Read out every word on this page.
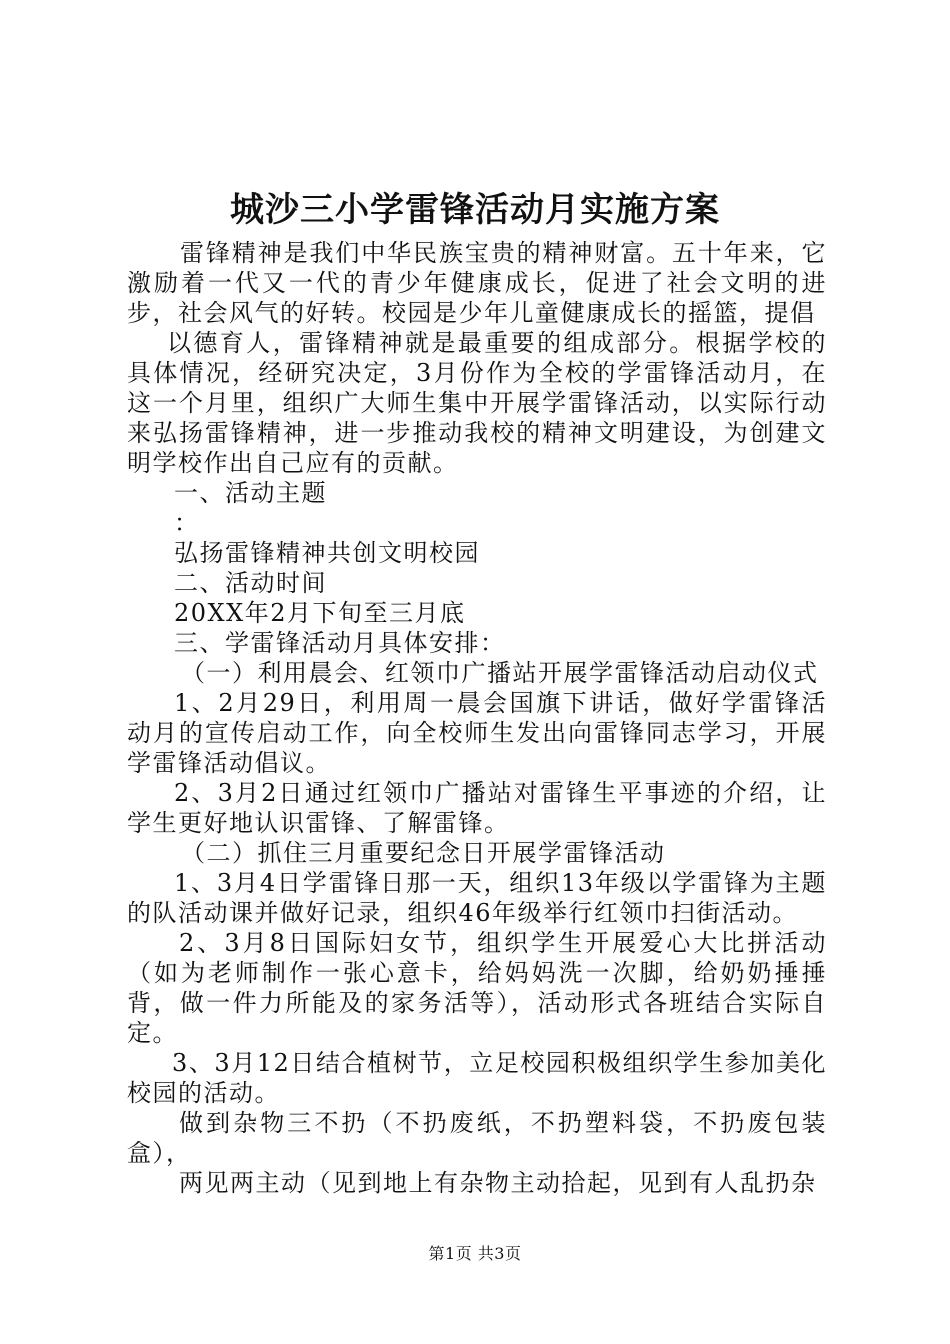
城沙三小学雷锋活动月实施方案

雷锋精神是我们中华民族宝贵的精神财富。五十年来，它激励着一代又一代的青少年健康成长，促进了社会文明的进步，社会风气的好转。校园是少年儿童健康成长的摇篮，提倡

以德育人，雷锋精神就是最重要的组成部分。根据学校的具体情况，经研究决定，3月份作为全校的学雷锋活动月，在这一个月里，组织广大师生集中开展学雷锋活动，以实际行动来弘扬雷锋精神，进一步推动我校的精神文明建设，为创建文明学校作出自己应有的贡献。

一、活动主题

：

弘扬雷锋精神共创文明校园

二、活动时间

20XX年2月下旬至三月底

三、学雷锋活动月具体安排：

（一）利用晨会、红领巾广播站开展学雷锋活动启动仪式

1、2月29日，利用周一晨会国旗下讲话，做好学雷锋活动月的宣传启动工作，向全校师生发出向雷锋同志学习，开展学雷锋活动倡议。

2、3月2日通过红领巾广播站对雷锋生平事迹的介绍，让学生更好地认识雷锋、了解雷锋。

（二）抓住三月重要纪念日开展学雷锋活动

1、3月4日学雷锋日那一天，组织13年级以学雷锋为主题的队活动课并做好记录，组织46年级举行红领巾扫街活动。

2、3月8日国际妇女节，组织学生开展爱心大比拼活动（如为老师制作一张心意卡，给妈妈洗一次脚，给奶奶捶捶背，做一件力所能及的家务活等），活动形式各班结合实际自定。

3、3月12日结合植树节，立足校园积极组织学生参加美化校园的活动。

做到杂物三不扔（不扔废纸，不扔塑料袋，不扔废包装盒），

两见两主动（见到地上有杂物主动拾起，见到有人乱扔杂

第1页 共3页
